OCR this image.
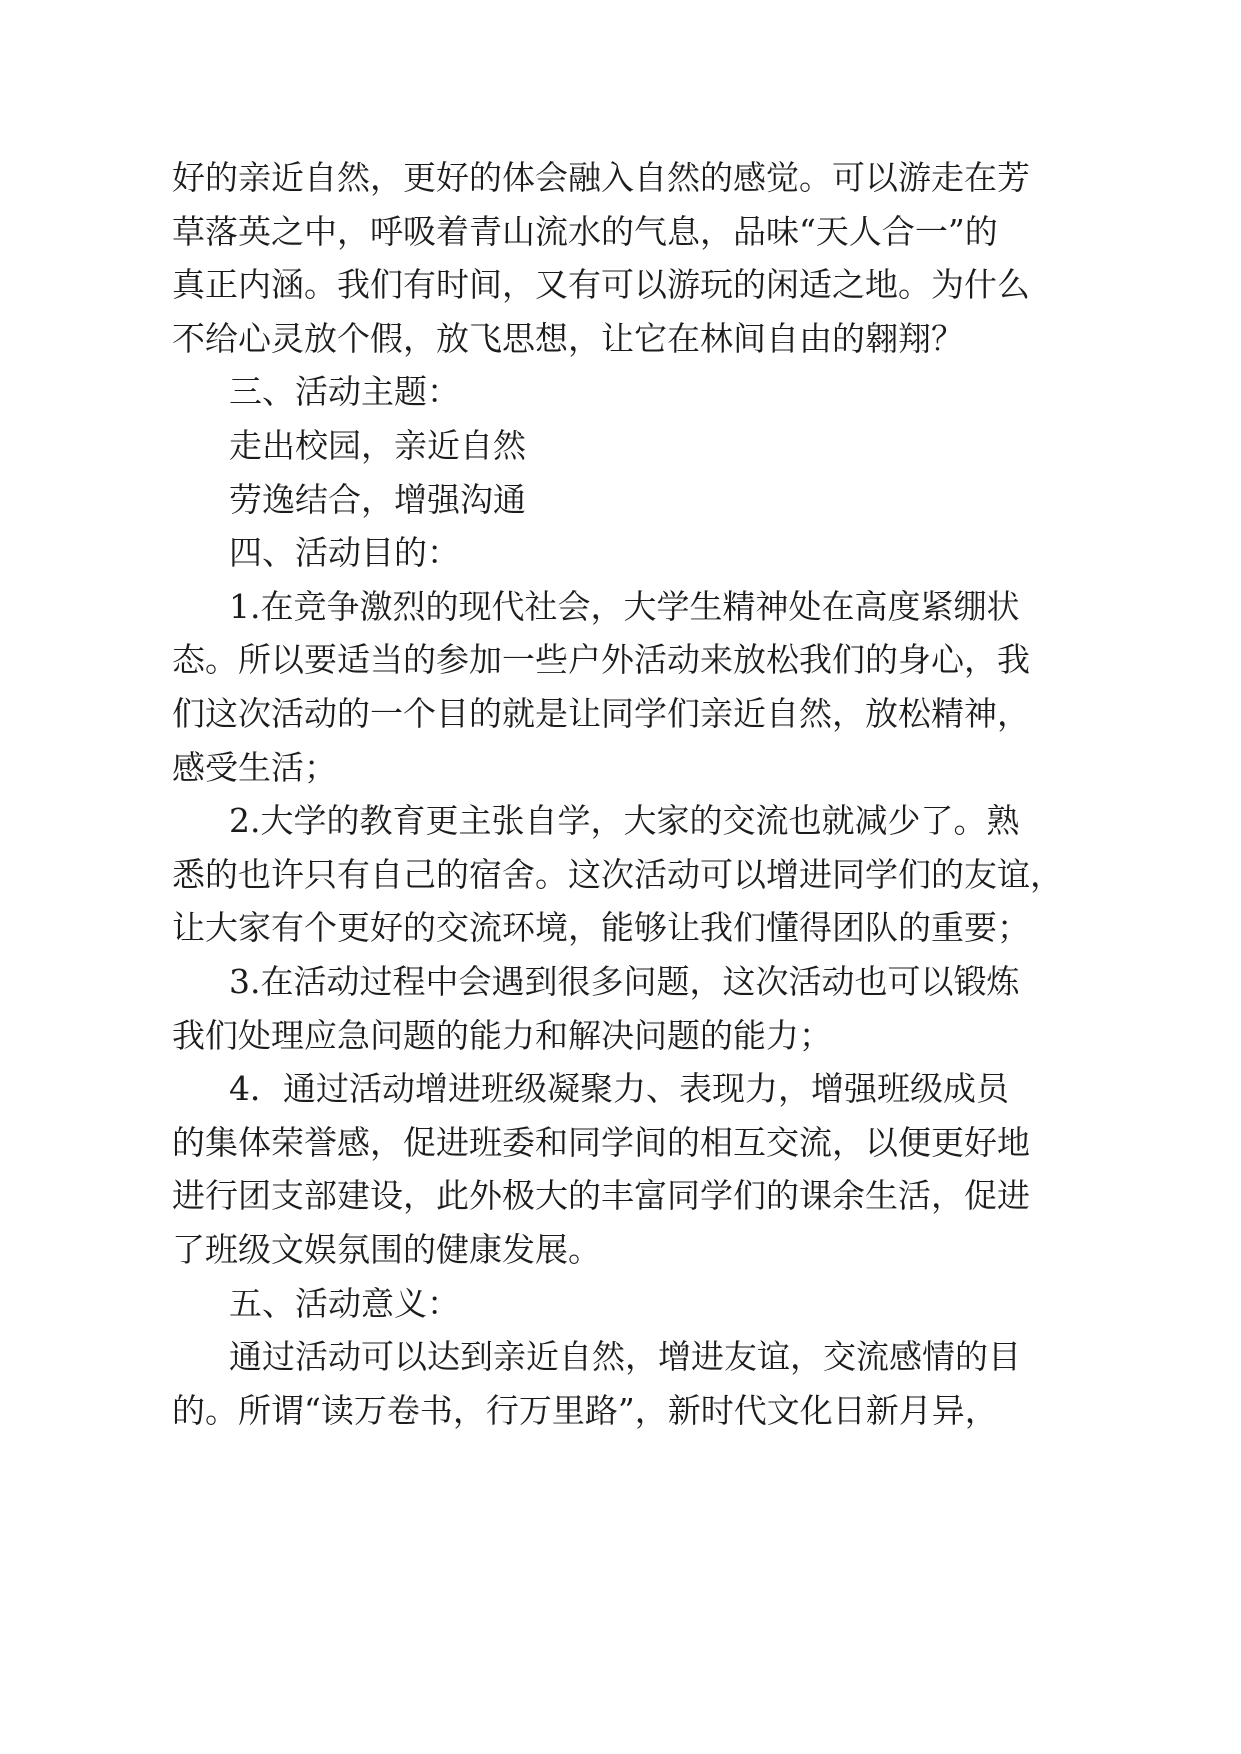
好的亲近自然，更好的体会融入自然的感觉。可以游走在芳
草落英之中，呼吸着青山流水的气息，品味“天人合一”的
真正内涵。我们有时间，又有可以游玩的闲适之地。为什么
不给心灵放个假，放飞思想，让它在林间自由的翱翔？
三、活动主题：
走出校园，亲近自然
劳逸结合，增强沟通
四、活动目的：
1.在竞争激烈的现代社会，大学生精神处在高度紧绷状
态。所以要适当的参加一些户外活动来放松我们的身心，我
们这次活动的一个目的就是让同学们亲近自然，放松精神，
感受生活；
2.大学的教育更主张自学，大家的交流也就减少了。熟
悉的也许只有自己的宿舍。这次活动可以增进同学们的友谊，
让大家有个更好的交流环境，能够让我们懂得团队的重要；
3.在活动过程中会遇到很多问题，这次活动也可以锻炼
我们处理应急问题的能力和解决问题的能力；
4．通过活动增进班级凝聚力、表现力，增强班级成员
的集体荣誉感，促进班委和同学间的相互交流，以便更好地
进行团支部建设，此外极大的丰富同学们的课余生活，促进
了班级文娱氛围的健康发展。
五、活动意义：
通过活动可以达到亲近自然，增进友谊，交流感情的目
的。所谓“读万卷书，行万里路”，新时代文化日新月异，
